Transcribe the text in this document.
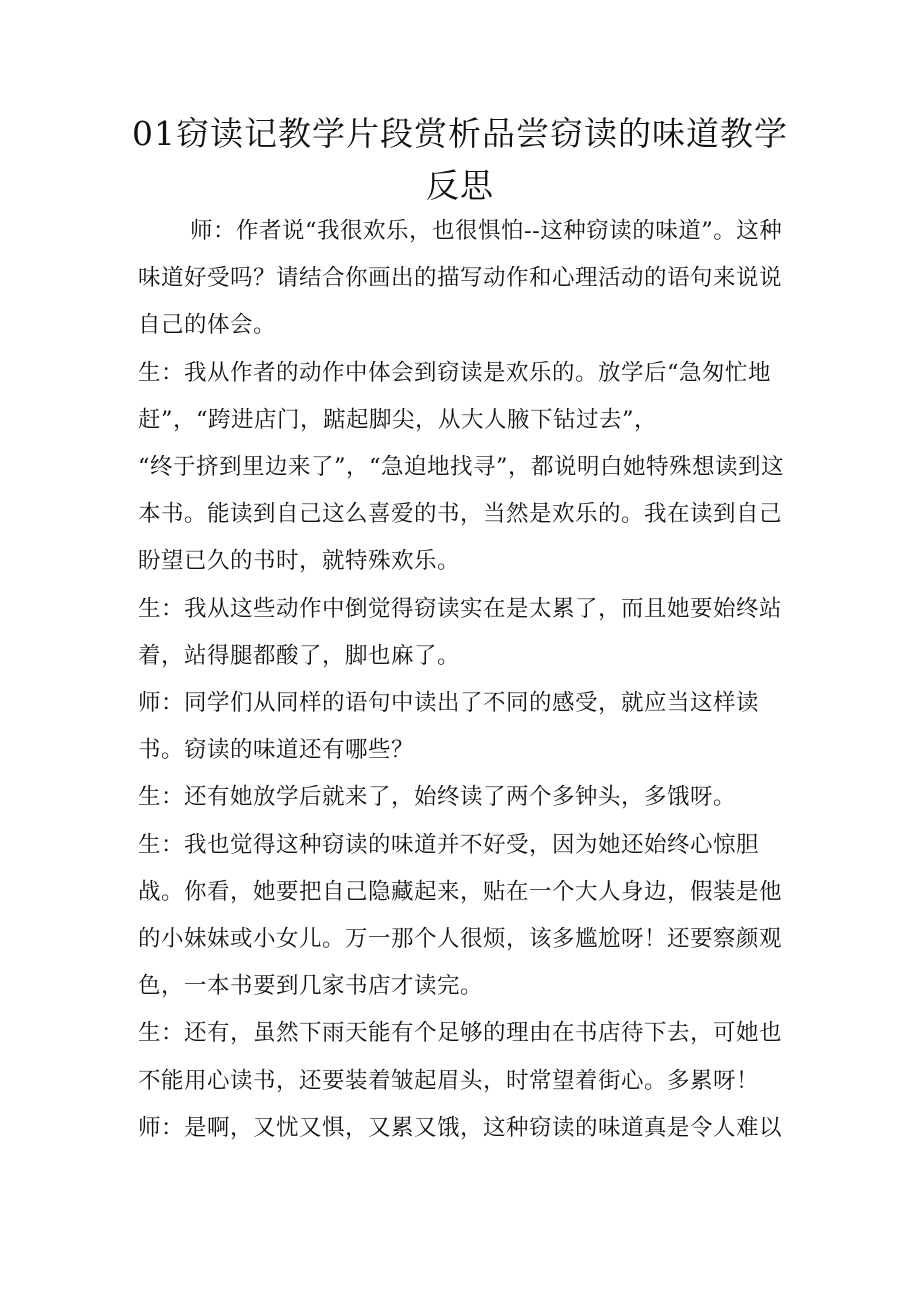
01窃读记教学片段赏析品尝窃读的味道教学反思

师：作者说“我很欢乐，也很惧怕--这种窃读的味道”。这种味道好受吗？请结合你画出的描写动作和心理活动的语句来说说自己的体会。

生：我从作者的动作中体会到窃读是欢乐的。放学后“急匆忙地赶”，“跨进店门，踮起脚尖，从大人腋下钻过去”，

“终于挤到里边来了”，“急迫地找寻”，都说明白她特殊想读到这本书。能读到自己这么喜爱的书，当然是欢乐的。我在读到自己盼望已久的书时，就特殊欢乐。

生：我从这些动作中倒觉得窃读实在是太累了，而且她要始终站着，站得腿都酸了，脚也麻了。

师：同学们从同样的语句中读出了不同的感受，就应当这样读书。窃读的味道还有哪些？

生：还有她放学后就来了，始终读了两个多钟头，多饿呀。

生：我也觉得这种窃读的味道并不好受，因为她还始终心惊胆战。你看，她要把自己隐藏起来，贴在一个大人身边，假装是他的小妹妹或小女儿。万一那个人很烦，该多尴尬呀！还要察颜观色，一本书要到几家书店才读完。

生：还有，虽然下雨天能有个足够的理由在书店待下去，可她也不能用心读书，还要装着皱起眉头，时常望着街心。多累呀！

师：是啊，又忧又惧，又累又饿，这种窃读的味道真是令人难以
